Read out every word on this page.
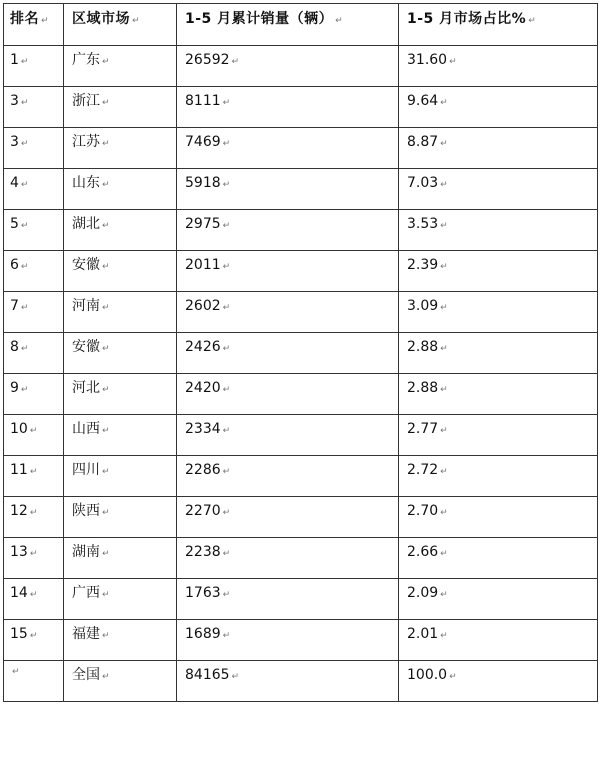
排名 ↵	区域市场 ↵	1-5 月累计销量（辆） ↵	1-5 月市场占比% ↵
1 ↵	广东 ↵	26592 ↵	31.60 ↵
3 ↵	浙江 ↵	8111 ↵	9.64 ↵
3 ↵	江苏 ↵	7469 ↵	8.87 ↵
4 ↵	山东 ↵	5918 ↵	7.03 ↵
5 ↵	湖北 ↵	2975 ↵	3.53 ↵
6 ↵	安徽 ↵	2011 ↵	2.39 ↵
7 ↵	河南 ↵	2602 ↵	3.09 ↵
8 ↵	安徽 ↵	2426 ↵	2.88 ↵
9 ↵	河北 ↵	2420 ↵	2.88 ↵
10 ↵	山西 ↵	2334 ↵	2.77 ↵
11 ↵	四川 ↵	2286 ↵	2.72 ↵
12 ↵	陕西 ↵	2270 ↵	2.70 ↵
13 ↵	湖南 ↵	2238 ↵	2.66 ↵
14 ↵	广西 ↵	1763 ↵	2.09 ↵
15 ↵	福建 ↵	1689 ↵	2.01 ↵
↵	全国 ↵	84165 ↵	100.0 ↵
